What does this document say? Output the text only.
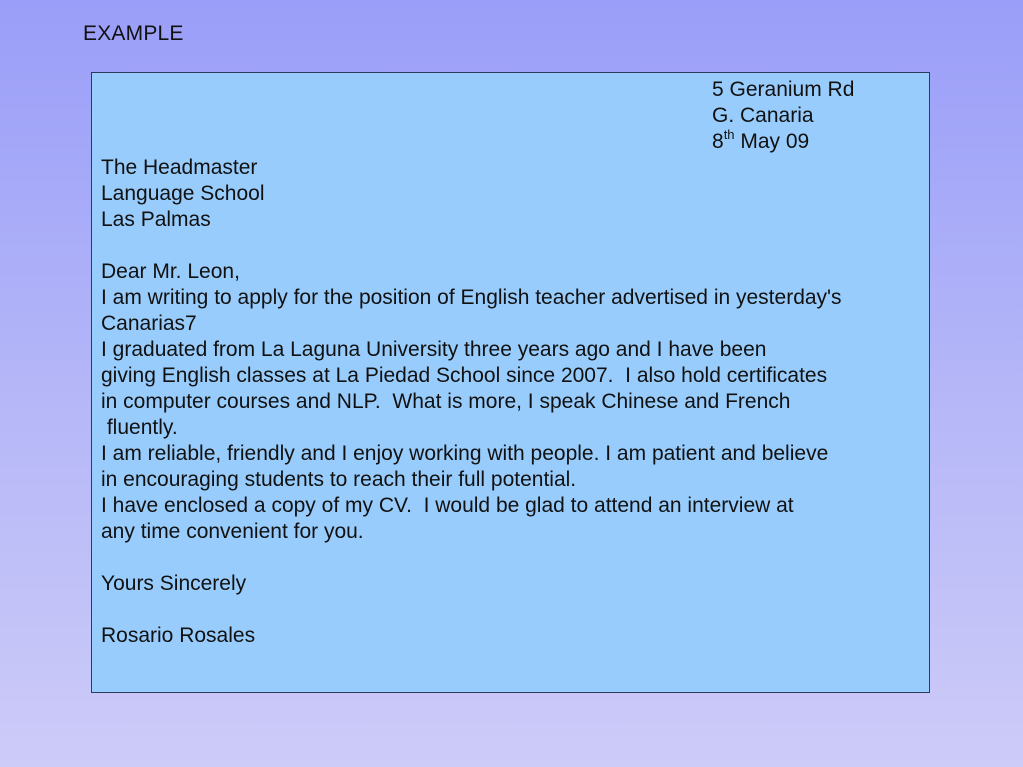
EXAMPLE
5 Geranium Rd
G. Canaria
8th May 09
The Headmaster
Language School
Las Palmas
Dear Mr. Leon,
I am writing to apply for the position of English teacher advertised in yesterday's
Canarias7
I graduated from La Laguna University three years ago and I have been
giving English classes at La Piedad School since 2007.  I also hold certificates
in computer courses and NLP.  What is more, I speak Chinese and French
fluently.
I am reliable, friendly and I enjoy working with people. I am patient and believe
in encouraging students to reach their full potential.
I have enclosed a copy of my CV.  I would be glad to attend an interview at
any time convenient for you.
Yours Sincerely
Rosario Rosales
